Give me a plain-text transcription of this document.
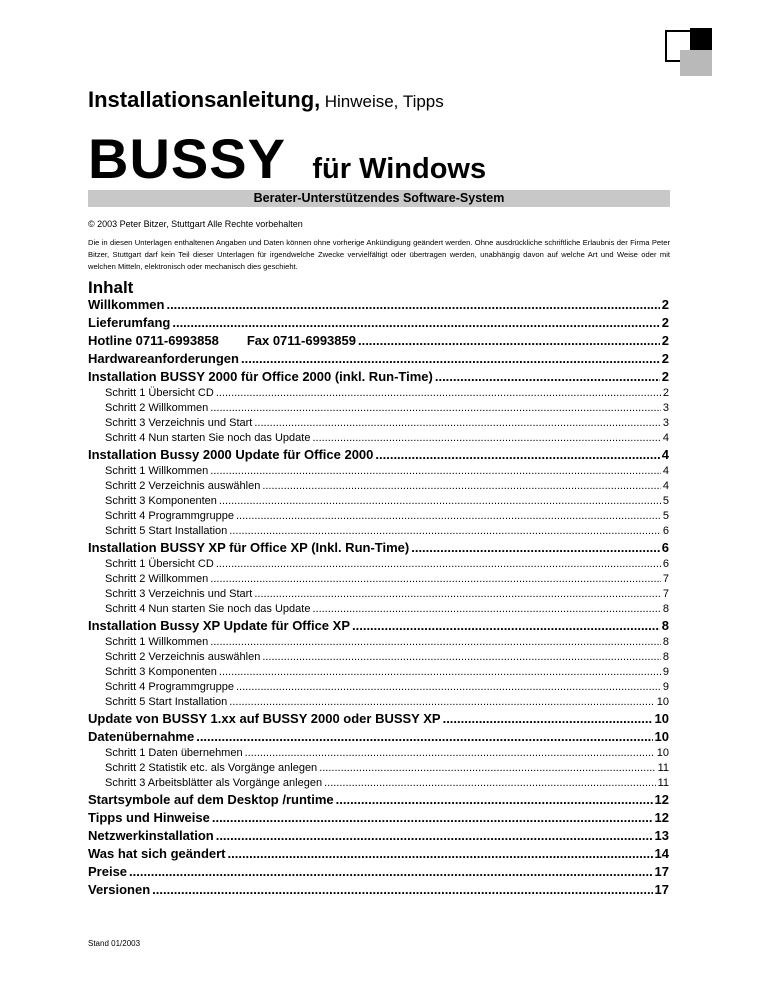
Installationsanleitung, Hinweise, Tipps
BUSSY für Windows
Berater-Unterstützendes Software-System
© 2003 Peter Bitzer, Stuttgart Alle Rechte vorbehalten
Die in diesen Unterlagen enthaltenen Angaben und Daten können ohne vorherige Ankündigung geändert werden. Ohne ausdrückliche schriftliche Erlaubnis der Firma Peter Bitzer, Stuttgart darf kein Teil dieser Unterlagen für irgendwelche Zwecke vervielfältigt oder übertragen werden, unabhängig davon auf welche Art und Weise oder mit welchen Mitteln, elektronisch oder mechanisch dies geschieht.
Inhalt
Willkommen .....	2
Lieferumfang .....	2
Hotline 0711-6993858 Fax 0711-6993859 .....	2
Hardwareanforderungen .....	2
Installation BUSSY 2000 für Office 2000 (inkl. Run-Time) .....	2
Schritt 1 Übersicht CD .....	2
Schritt 2 Willkommen .....	3
Schritt 3 Verzeichnis und Start .....	3
Schritt 4 Nun starten Sie noch das Update .....	4
Installation Bussy 2000 Update für Office 2000 .....	4
Schritt 1 Willkommen .....	4
Schritt 2 Verzeichnis auswählen .....	4
Schritt 3 Komponenten .....	5
Schritt 4 Programmgruppe .....	5
Schritt 5 Start Installation .....	6
Installation BUSSY XP für Office XP (Inkl. Run-Time) .....	6
Schritt 1 Übersicht CD .....	6
Schritt 2 Willkommen .....	7
Schritt 3 Verzeichnis und Start .....	7
Schritt 4 Nun starten Sie noch das Update .....	8
Installation Bussy XP Update für Office XP .....	8
Schritt 1 Willkommen .....	8
Schritt 2 Verzeichnis auswählen .....	8
Schritt 3 Komponenten .....	9
Schritt 4 Programmgruppe .....	9
Schritt 5 Start Installation .....	10
Update von BUSSY 1.xx auf BUSSY 2000 oder BUSSY XP .....	10
Datenübernahme .....	10
Schritt 1 Daten übernehmen .....	10
Schritt 2 Statistik etc. als Vorgänge anlegen .....	11
Schritt 3 Arbeitsblätter als Vorgänge anlegen .....	11
Startsymbole auf dem Desktop /runtime .....	12
Tipps und Hinweise .....	12
Netzwerkinstallation .....	13
Was hat sich geändert .....	14
Preise .....	17
Versionen .....	17
Stand 01/2003
